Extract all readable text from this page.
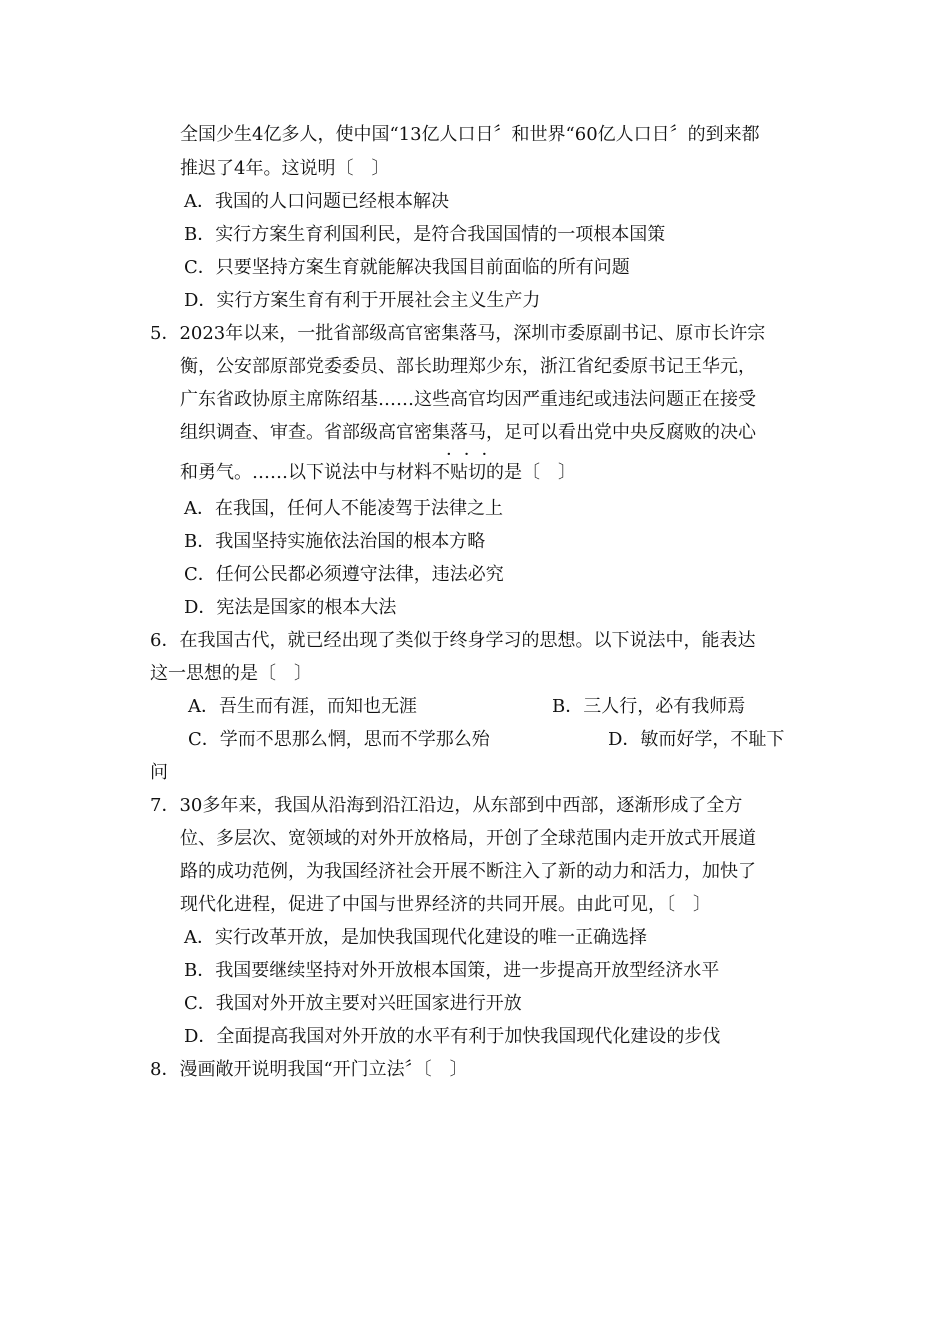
全国少生4亿多人，使中国“13亿人口日〞和世界“60亿人口日〞的到来都
推迟了4年。这说明〔　〕
A．我国的人口问题已经根本解决
B．实行方案生育利国利民，是符合我国国情的一项根本国策
C．只要坚持方案生育就能解决我国目前面临的所有问题
D．实行方案生育有利于开展社会主义生产力
5．2023年以来，一批省部级高官密集落马，深圳市委原副书记、原市长许宗
衡，公安部原部党委委员、部长助理郑少东，浙江省纪委原书记王华元，
广东省政协原主席陈绍基……这些高官均因严重违纪或违法问题正在接受
组织调查、审查。省部级高官密集落马，足可以看出党中央反腐败的决心
···
和勇气。……以下说法中与材料不贴切的是〔　〕
A．在我国，任何人不能凌驾于法律之上
B．我国坚持实施依法治国的根本方略
C．任何公民都必须遵守法律，违法必究
D．宪法是国家的根本大法
6．在我国古代，就已经出现了类似于终身学习的思想。以下说法中，能表达
这一思想的是〔　〕
A．吾生而有涯，而知也无涯	B．三人行，必有我师焉
C．学而不思那么惘，思而不学那么殆	D．敏而好学，不耻下
问
7．30多年来，我国从沿海到沿江沿边，从东部到中西部，逐渐形成了全方
位、多层次、宽领域的对外开放格局，开创了全球范围内走开放式开展道
路的成功范例，为我国经济社会开展不断注入了新的动力和活力，加快了
现代化进程，促进了中国与世界经济的共同开展。由此可见，〔　〕
A．实行改革开放，是加快我国现代化建设的唯一正确选择
B．我国要继续坚持对外开放根本国策，进一步提高开放型经济水平
C．我国对外开放主要对兴旺国家进行开放
D．全面提高我国对外开放的水平有利于加快我国现代化建设的步伐
8．漫画敞开说明我国“开门立法〞〔　〕
